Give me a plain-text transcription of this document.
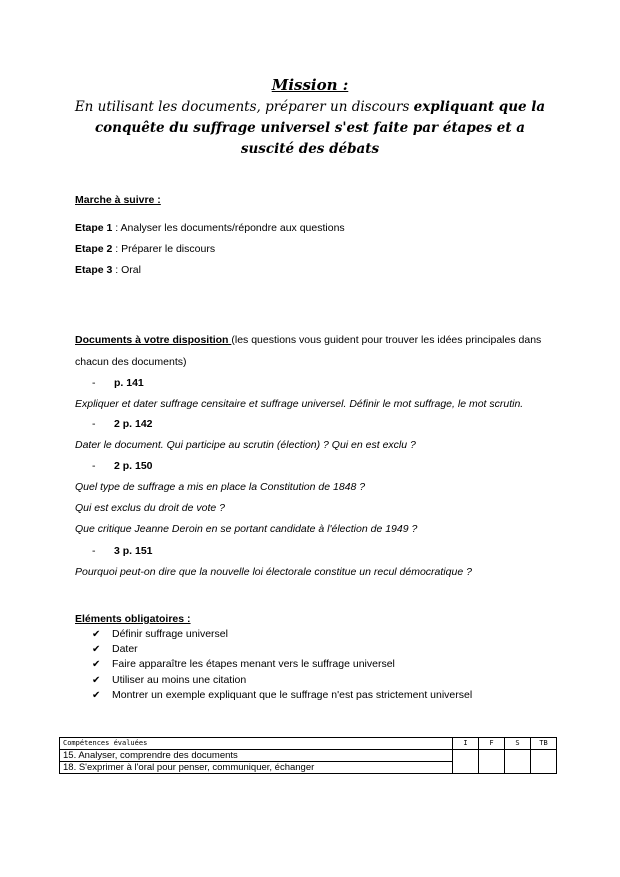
Mission :
En utilisant les documents, préparer un discours expliquant que la conquête du suffrage universel s'est faite par étapes et a suscité des débats
Marche à suivre :
Etape 1 : Analyser les documents/répondre aux questions
Etape 2 : Préparer le discours
Etape 3 : Oral
Documents à votre disposition (les questions vous guident pour trouver les idées principales dans
chacun des documents)
- p. 141
Expliquer et dater suffrage censitaire et suffrage universel. Définir le mot suffrage, le mot scrutin.
- 2 p. 142
Dater le document. Qui participe au scrutin (élection) ? Qui en est exclu ?
- 2 p. 150
Quel type de suffrage a mis en place la Constitution de 1848 ?
Qui est exclus du droit de vote ?
Que critique Jeanne Deroin en se portant candidate à l'élection de 1949 ?
- 3 p. 151
Pourquoi peut-on dire que la nouvelle loi électorale constitue un recul démocratique ?
Eléments obligatoires :
✔ Définir suffrage universel
✔ Dater
✔ Faire apparaître les étapes menant vers le suffrage universel
✔ Utiliser au moins une citation
✔ Montrer un exemple expliquant que le suffrage n'est pas strictement universel
Compétences évaluées	I	F	S	TB
15. Analyser, comprendre des documents				
18. S'exprimer à l'oral pour penser, communiquer, échanger				
